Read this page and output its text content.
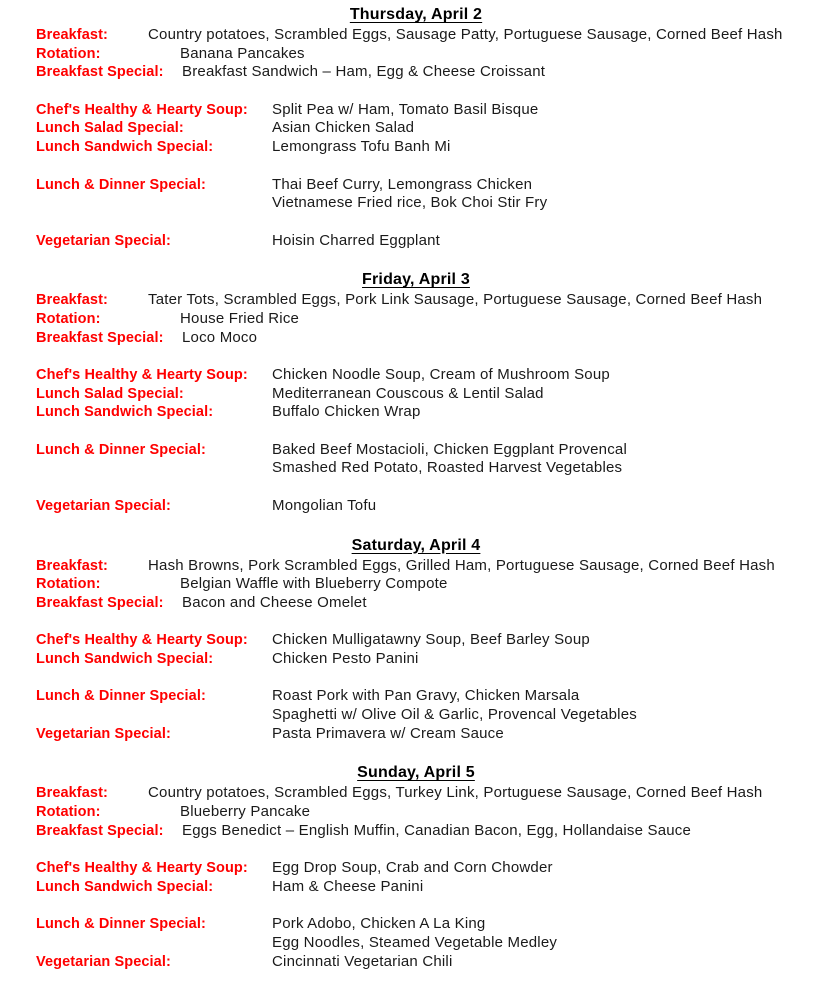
Thursday, April 2
Breakfast:	Country potatoes, Scrambled Eggs, Sausage Patty, Portuguese Sausage, Corned Beef Hash
Rotation:	Banana Pancakes
Breakfast Special: Breakfast Sandwich – Ham, Egg & Cheese Croissant
Chef's Healthy & Hearty Soup: Split Pea w/ Ham, Tomato Basil Bisque
Lunch Salad Special:	Asian Chicken Salad
Lunch Sandwich Special:	Lemongrass Tofu Banh Mi
Lunch & Dinner Special:	Thai Beef Curry, Lemongrass Chicken
Vietnamese Fried rice, Bok Choi Stir Fry
Vegetarian Special:	Hoisin Charred Eggplant
Friday, April 3
Breakfast:	Tater Tots, Scrambled Eggs, Pork Link Sausage, Portuguese Sausage, Corned Beef Hash
Rotation:	House Fried Rice
Breakfast Special: Loco Moco
Chef's Healthy & Hearty Soup: Chicken Noodle Soup, Cream of Mushroom Soup
Lunch Salad Special:	Mediterranean Couscous & Lentil Salad
Lunch Sandwich Special:	Buffalo Chicken Wrap
Lunch & Dinner Special:	Baked Beef Mostacioli, Chicken Eggplant Provencal
Smashed Red Potato, Roasted Harvest Vegetables
Vegetarian Special:	Mongolian Tofu
Saturday, April 4
Breakfast:	Hash Browns, Pork Scrambled Eggs, Grilled Ham, Portuguese Sausage, Corned Beef Hash
Rotation:	Belgian Waffle with Blueberry Compote
Breakfast Special: Bacon and Cheese Omelet
Chef's Healthy & Hearty Soup: Chicken Mulligatawny Soup, Beef Barley Soup
Lunch Sandwich Special:	Chicken Pesto Panini
Lunch & Dinner Special:	Roast Pork with Pan Gravy, Chicken Marsala
Spaghetti w/ Olive Oil & Garlic, Provencal Vegetables
Vegetarian Special:	Pasta Primavera w/ Cream Sauce
Sunday, April 5
Breakfast:	Country potatoes, Scrambled Eggs, Turkey Link, Portuguese Sausage, Corned Beef Hash
Rotation:	Blueberry Pancake
Breakfast Special: Eggs Benedict – English Muffin, Canadian Bacon, Egg, Hollandaise Sauce
Chef's Healthy & Hearty Soup: Egg Drop Soup, Crab and Corn Chowder
Lunch Sandwich Special:	Ham & Cheese Panini
Lunch & Dinner Special:	Pork Adobo, Chicken A La King
Egg Noodles, Steamed Vegetable Medley
Vegetarian Special:	Cincinnati Vegetarian Chili
